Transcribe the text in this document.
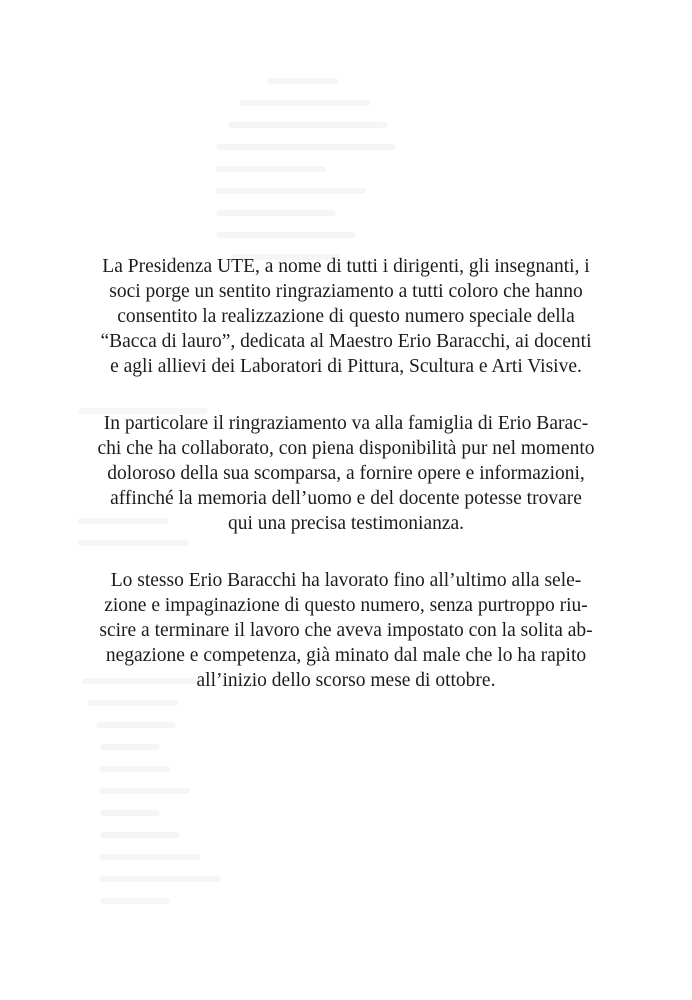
La Presidenza UTE, a nome di tutti i dirigenti, gli insegnanti, i
soci porge un sentito ringraziamento a tutti coloro che hanno
consentito la realizzazione di questo numero speciale della
“Bacca di lauro”, dedicata al Maestro Erio Baracchi, ai docenti
e agli allievi dei Laboratori di Pittura, Scultura e Arti Visive.

In particolare il ringraziamento va alla famiglia di Erio Barac-
chi che ha collaborato, con piena disponibilità pur nel momento
doloroso della sua scomparsa, a fornire opere e informazioni,
affinché la memoria dell’uomo e del docente potesse trovare
qui una precisa testimonianza.

Lo stesso Erio Baracchi ha lavorato fino all’ultimo alla sele-
zione e impaginazione di questo numero, senza purtroppo riu-
scire a terminare il lavoro che aveva impostato con la solita ab-
negazione e competenza, già minato dal male che lo ha rapito
all’inizio dello scorso mese di ottobre.
